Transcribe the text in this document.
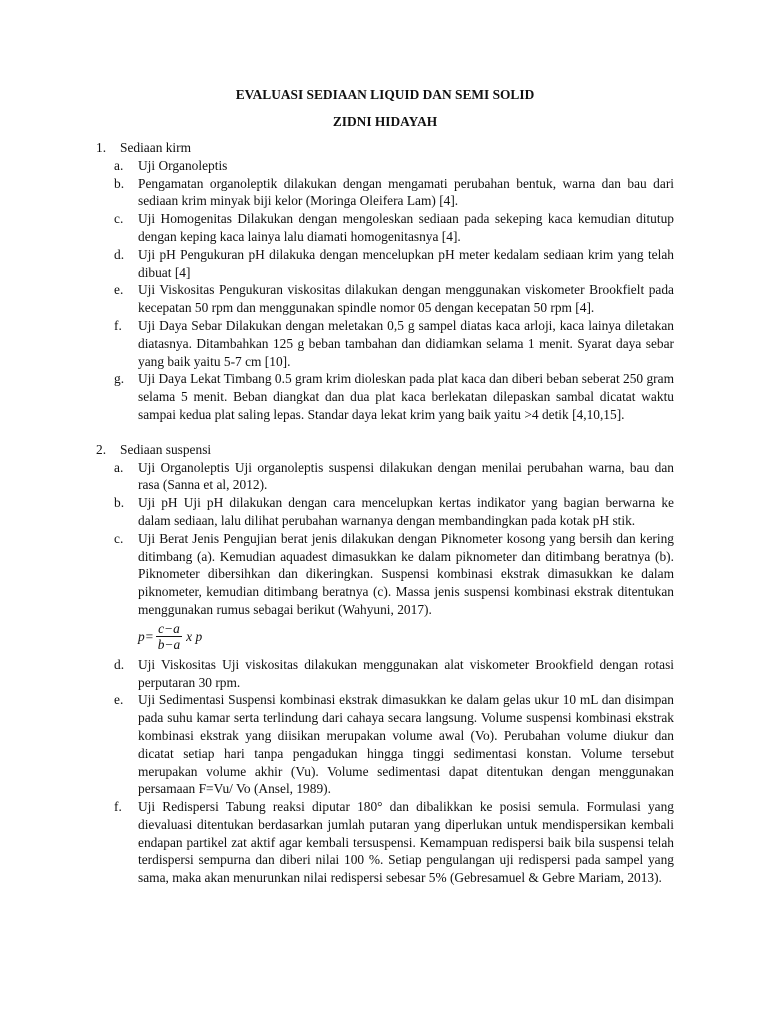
EVALUASI SEDIAAN LIQUID DAN SEMI SOLID

ZIDNI HIDAYAH

1.	Sediaan kirm
a.	Uji Organoleptis
b.	Pengamatan organoleptik dilakukan dengan mengamati perubahan bentuk, warna dan bau dari sediaan krim minyak biji kelor (Moringa Oleifera Lam) [4].
c.	Uji Homogenitas Dilakukan dengan mengoleskan sediaan pada sekeping kaca kemudian ditutup dengan keping kaca lainya lalu diamati homogenitasnya [4].
d.	Uji pH Pengukuran pH dilakuka dengan mencelupkan pH meter kedalam sediaan krim yang telah dibuat [4]
e.	Uji Viskositas Pengukuran viskositas dilakukan dengan menggunakan viskometer Brookfielt pada kecepatan 50 rpm dan menggunakan spindle nomor 05 dengan kecepatan 50 rpm [4].
f.	Uji Daya Sebar Dilakukan dengan meletakan 0,5 g sampel diatas kaca arloji, kaca lainya diletakan diatasnya. Ditambahkan 125 g beban tambahan dan didiamkan selama 1 menit. Syarat daya sebar yang baik yaitu 5-7 cm [10].
g.	Uji Daya Lekat Timbang 0.5 gram krim dioleskan pada plat kaca dan diberi beban seberat 250 gram selama 5 menit. Beban diangkat dan dua plat kaca berlekatan dilepaskan sambal dicatat waktu sampai kedua plat saling lepas. Standar daya lekat krim yang baik yaitu >4 detik [4,10,15].
2.	Sediaan suspensi
a.	Uji Organoleptis Uji organoleptis suspensi dilakukan dengan menilai perubahan warna, bau dan rasa (Sanna et al, 2012).
b.	Uji pH Uji pH dilakukan dengan cara mencelupkan kertas indikator yang bagian berwarna ke dalam sediaan, lalu dilihat perubahan warnanya dengan membandingkan pada kotak pH stik.
c.	Uji Berat Jenis Pengujian berat jenis dilakukan dengan Piknometer kosong yang bersih dan kering ditimbang (a). Kemudian aquadest dimasukkan ke dalam piknometer dan ditimbang beratnya (b). Piknometer dibersihkan dan dikeringkan. Suspensi kombinasi ekstrak dimasukkan ke dalam piknometer, kemudian ditimbang beratnya (c). Massa jenis suspensi kombinasi ekstrak ditentukan menggunakan rumus sebagai berikut (Wahyuni, 2017).
$p= \frac{c-a}{b-a}$ x p
d.	Uji Viskositas Uji viskositas dilakukan menggunakan alat viskometer Brookfield dengan rotasi perputaran 30 rpm.
e.	Uji Sedimentasi Suspensi kombinasi ekstrak dimasukkan ke dalam gelas ukur 10 mL dan disimpan pada suhu kamar serta terlindung dari cahaya secara langsung. Volume suspensi kombinasi ekstrak kombinasi ekstrak yang diisikan merupakan volume awal (Vo). Perubahan volume diukur dan dicatat setiap hari tanpa pengadukan hingga tinggi sedimentasi konstan. Volume tersebut merupakan volume akhir (Vu). Volume sedimentasi dapat ditentukan dengan menggunakan persamaan F=Vu/ Vo (Ansel, 1989).
f.	Uji Redispersi Tabung reaksi diputar 180° dan dibalikkan ke posisi semula. Formulasi yang dievaluasi ditentukan berdasarkan jumlah putaran yang diperlukan untuk mendispersikan kembali endapan partikel zat aktif agar kembali tersuspensi. Kemampuan redispersi baik bila suspensi telah terdispersi sempurna dan diberi nilai 100 %. Setiap pengulangan uji redispersi pada sampel yang sama, maka akan menurunkan nilai redispersi sebesar 5% (Gebresamuel & Gebre Mariam, 2013).
